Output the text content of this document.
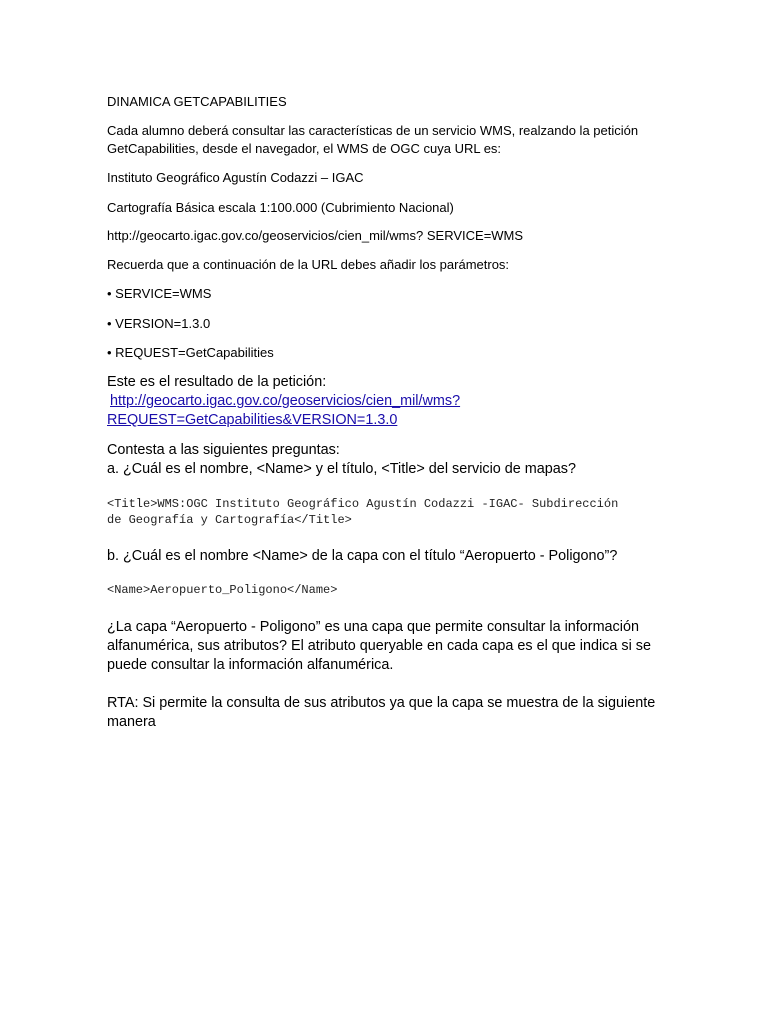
DINAMICA GETCAPABILITIES

Cada alumno deberá consultar las características de un servicio WMS, realzando la petición

GetCapabilities, desde el navegador, el WMS de OGC cuya URL es:

Instituto Geográfico Agustín Codazzi – IGAC

Cartografía Básica escala 1:100.000 (Cubrimiento Nacional)

http://geocarto.igac.gov.co/geoservicios/cien_mil/wms? SERVICE=WMS

Recuerda que a continuación de la URL debes añadir los parámetros:

• SERVICE=WMS

• VERSION=1.3.0

• REQUEST=GetCapabilities

Este es el resultado de la petición:

http://geocarto.igac.gov.co/geoservicios/cien_mil/wms?

REQUEST=GetCapabilities&VERSION=1.3.0

Contesta a las siguientes preguntas:

a. ¿Cuál es el nombre, <Name> y el título, <Title> del servicio de mapas?

<Title>WMS:OGC Instituto Geográfico Agustín Codazzi -IGAC- Subdirección

de Geografía y Cartografía</Title>

b. ¿Cuál es el nombre <Name> de la capa con el título “Aeropuerto - Poligono”?

<Name>Aeropuerto_Poligono</Name>

¿La capa “Aeropuerto - Poligono” es una capa que permite consultar la información

alfanumérica, sus atributos? El atributo queryable en cada capa es el que indica si se

puede consultar la información alfanumérica.

RTA: Si permite la consulta de sus atributos ya que la capa se muestra de la siguiente

manera
